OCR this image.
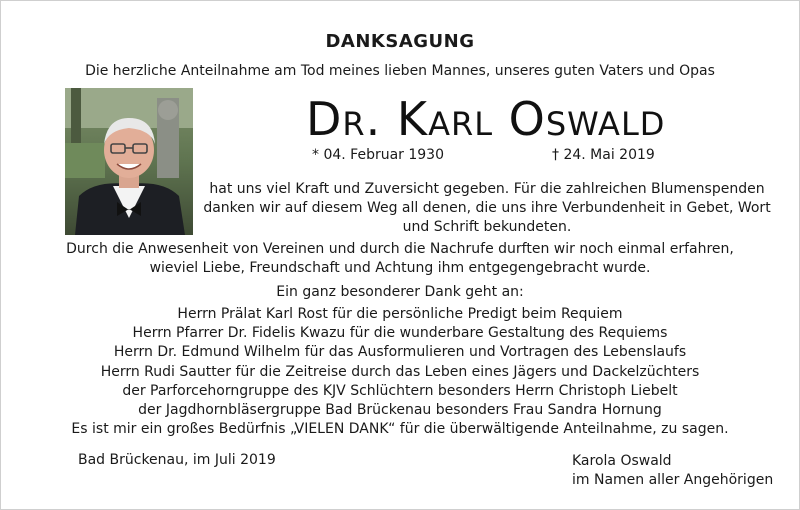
DANKSAGUNG
Die herzliche Anteilnahme am Tod meines lieben Mannes, unseres guten Vaters und Opas
Dr. Karl Oswald
* 04. Februar 1930	† 24. Mai 2019
hat uns viel Kraft und Zuversicht gegeben. Für die zahlreichen Blumenspenden
danken wir auf diesem Weg all denen, die uns ihre Verbundenheit in Gebet, Wort
und Schrift bekundeten.
Durch die Anwesenheit von Vereinen und durch die Nachrufe durften wir noch einmal erfahren,
wieviel Liebe, Freundschaft und Achtung ihm entgegengebracht wurde.
Ein ganz besonderer Dank geht an:
Herrn Prälat Karl Rost für die persönliche Predigt beim Requiem
Herrn Pfarrer Dr. Fidelis Kwazu für die wunderbare Gestaltung des Requiems
Herrn Dr. Edmund Wilhelm für das Ausformulieren und Vortragen des Lebenslaufs
Herrn Rudi Sautter für die Zeitreise durch das Leben eines Jägers und Dackelzüchters
der Parforcehorngruppe des KJV Schlüchtern besonders Herrn Christoph Liebelt
der Jagdhornbläsergruppe Bad Brückenau besonders Frau Sandra Hornung
Es ist mir ein großes Bedürfnis „VIELEN DANK“ für die überwältigende Anteilnahme, zu sagen.
Bad Brückenau, im Juli 2019	Karola Oswald
im Namen aller Angehörigen
